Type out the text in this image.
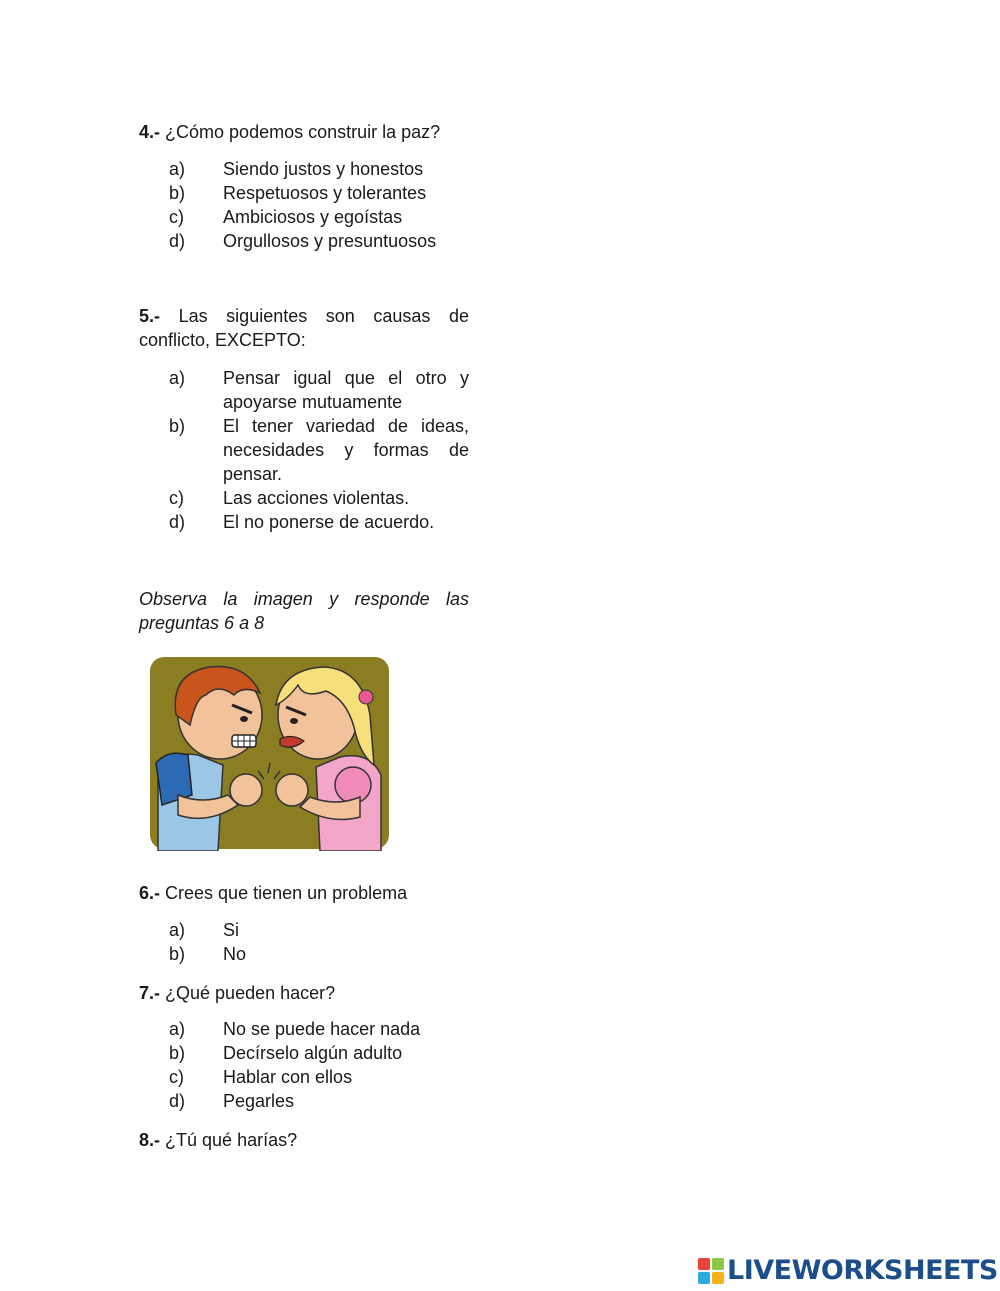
4.- ¿Cómo podemos construir la paz?

a)	Siendo justos y honestos
b)	Respetuosos y tolerantes
c)	Ambiciosos y egoístas
d)	Orgullosos y presuntuosos

5.- Las siguientes son causas de conflicto, EXCEPTO:

a)	Pensar igual que el otro y apoyarse mutuamente
b)	El tener variedad de ideas, necesidades y formas de pensar.
c)	Las acciones violentas.
d)	El no ponerse de acuerdo.

Observa la imagen y responde las preguntas 6 a 8

6.- Crees que tienen un problema

a)	Si
b)	No

7.- ¿Qué pueden hacer?

a)	No se puede hacer nada
b)	Decírselo algún adulto
c)	Hablar con ellos
d)	Pegarles

8.- ¿Tú qué harías?

LIVEWORKSHEETS
